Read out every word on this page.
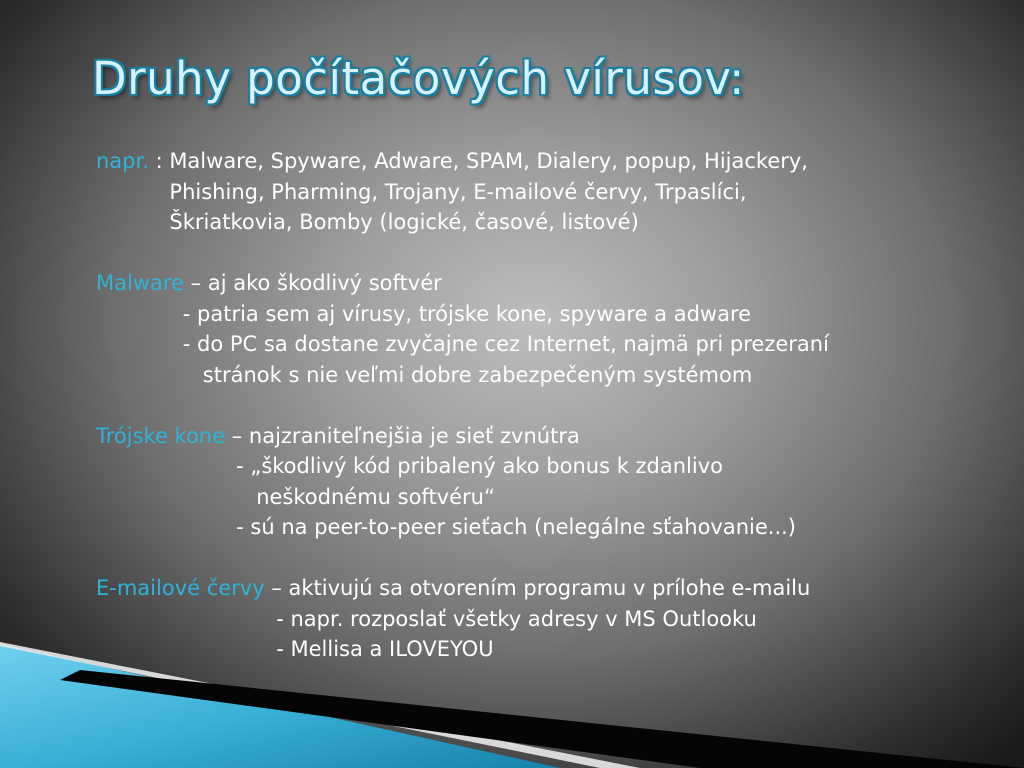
Druhy počítačových vírusov:
napr. : Malware, Spyware, Adware, SPAM, Dialery, popup, Hijackery,
Phishing, Pharming, Trojany, E-mailové červy, Trpaslíci,
Škriatkovia, Bomby (logické, časové, listové)
Malware – aj ako škodlivý softvér
- patria sem aj vírusy, trójske kone, spyware a adware
- do PC sa dostane zvyčajne cez Internet, najmä pri prezeraní
stránok s nie veľmi dobre zabezpečeným systémom
Trójske kone – najzraniteľnejšia je sieť zvnútra
- „škodlivý kód pribalený ako bonus k zdanlivo
neškodnému softvéru“
- sú na peer-to-peer sieťach (nelegálne sťahovanie...)
E-mailové červy – aktivujú sa otvorením programu v prílohe e-mailu
- napr. rozposlať všetky adresy v MS Outlooku
- Mellisa a ILOVEYOU
